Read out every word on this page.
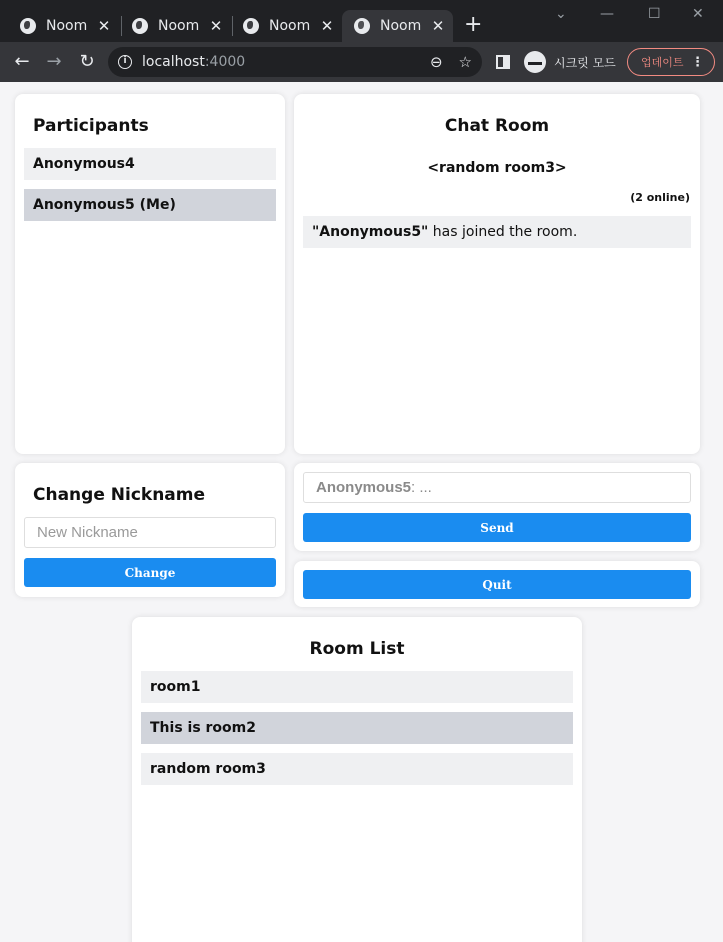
Noom ✕	Noom ✕	Noom ✕	Noom ✕ +	⌄ — ☐ ✕
← → ↻	i	localhost :4000	⊖ ☆	시크릿 모드 업데이트 ⋮
Participants
Anonymous4
Anonymous5 (Me)
Chat Room
<random room3>
(2 online)
"Anonymous5" has joined the room.
Change Nickname
New Nickname
Change
Anonymous5 : ...
Send
Quit
Room List
room1
This is room2
random room3
